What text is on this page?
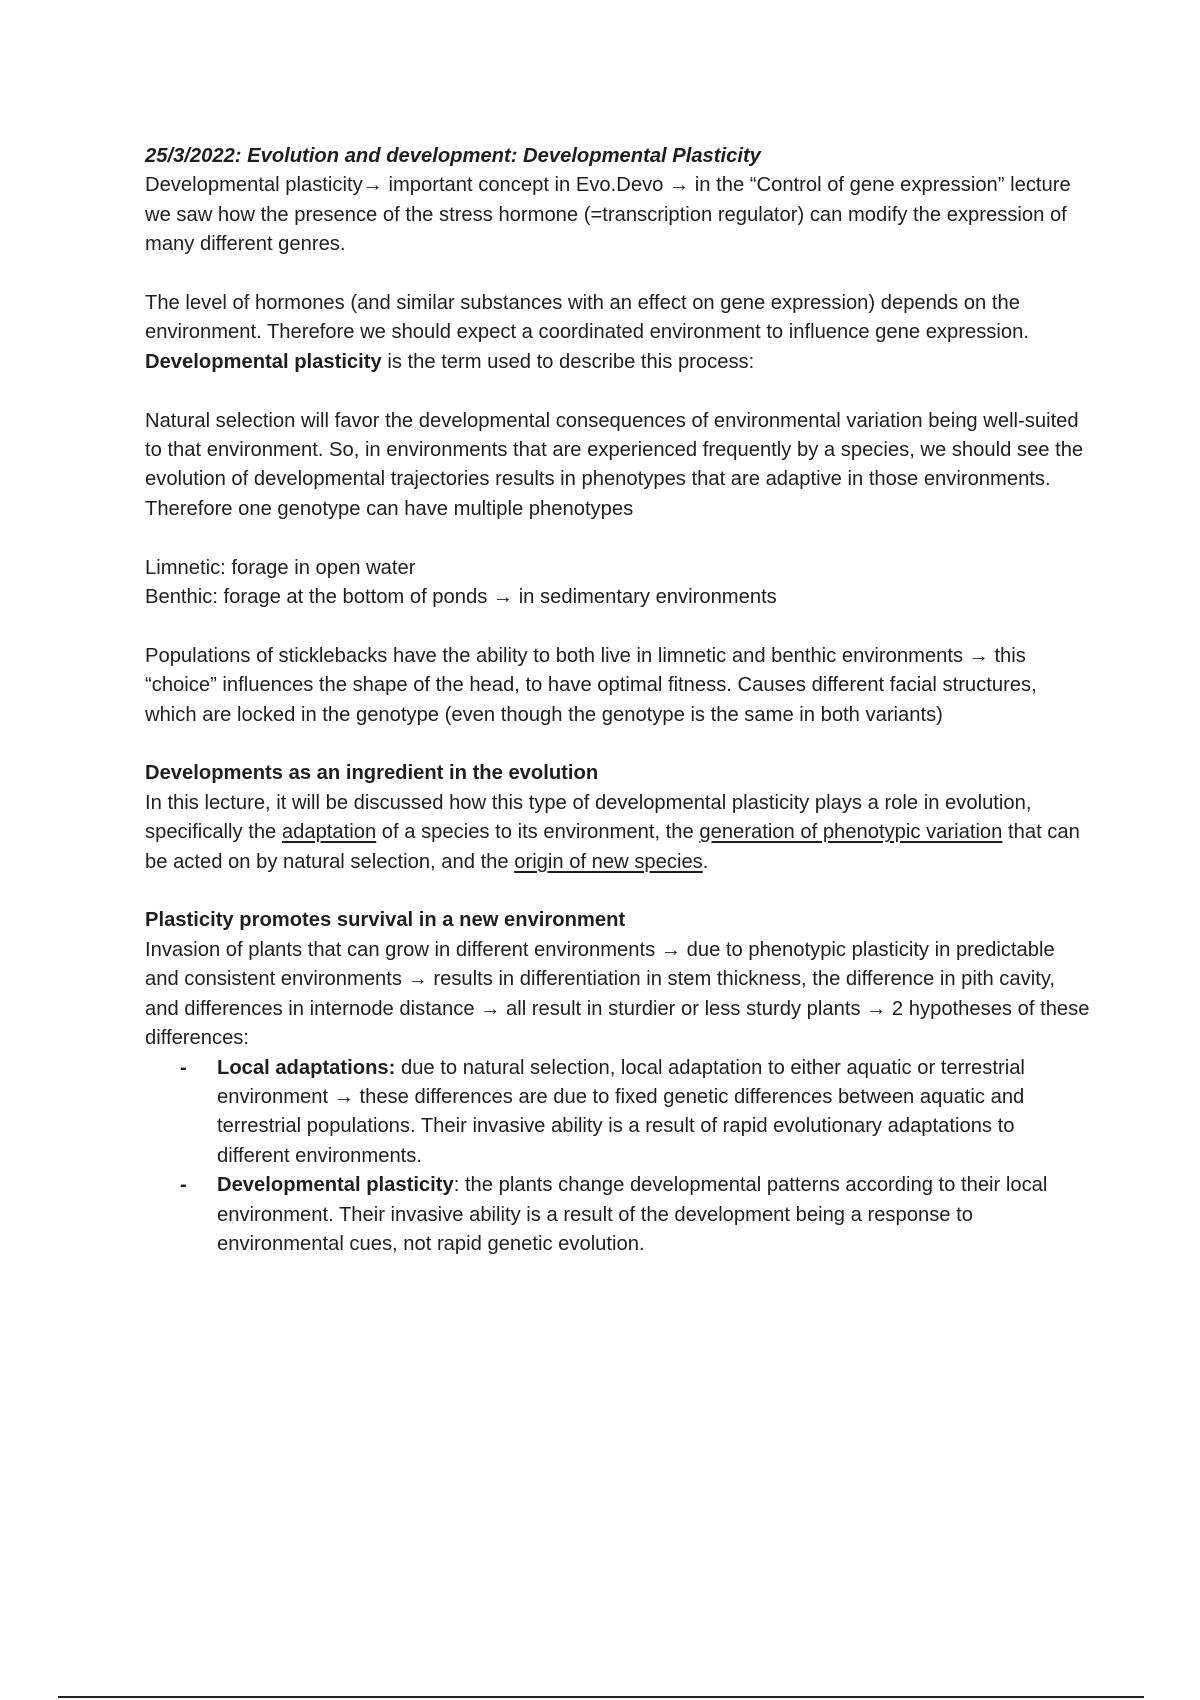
25/3/2022: Evolution and development: Developmental Plasticity

Developmental plasticity→ important concept in Evo.Devo → in the “Control of gene expression” lecture we saw how the presence of the stress hormone (=transcription regulator) can modify the expression of many different genres.

The level of hormones (and similar substances with an effect on gene expression) depends on the environment. Therefore we should expect a coordinated environment to influence gene expression. Developmental plasticity is the term used to describe this process:

Natural selection will favor the developmental consequences of environmental variation being well-suited to that environment. So, in environments that are experienced frequently by a species, we should see the evolution of developmental trajectories results in phenotypes that are adaptive in those environments. Therefore one genotype can have multiple phenotypes

Limnetic: forage in open water

Benthic: forage at the bottom of ponds → in sedimentary environments

Populations of sticklebacks have the ability to both live in limnetic and benthic environments → this “choice” influences the shape of the head, to have optimal fitness. Causes different facial structures, which are locked in the genotype (even though the genotype is the same in both variants)

Developments as an ingredient in the evolution

In this lecture, it will be discussed how this type of developmental plasticity plays a role in evolution, specifically the adaptation of a species to its environment, the generation of phenotypic variation that can be acted on by natural selection, and the origin of new species.

Plasticity promotes survival in a new environment

Invasion of plants that can grow in different environments → due to phenotypic plasticity in predictable and consistent environments → results in differentiation in stem thickness, the difference in pith cavity, and differences in internode distance → all result in sturdier or less sturdy plants → 2 hypotheses of these differences:

- Local adaptations: due to natural selection, local adaptation to either aquatic or terrestrial environment → these differences are due to fixed genetic differences between aquatic and terrestrial populations. Their invasive ability is a result of rapid evolutionary adaptations to different environments.
- Developmental plasticity: the plants change developmental patterns according to their local environment. Their invasive ability is a result of the development being a response to environmental cues, not rapid genetic evolution.
